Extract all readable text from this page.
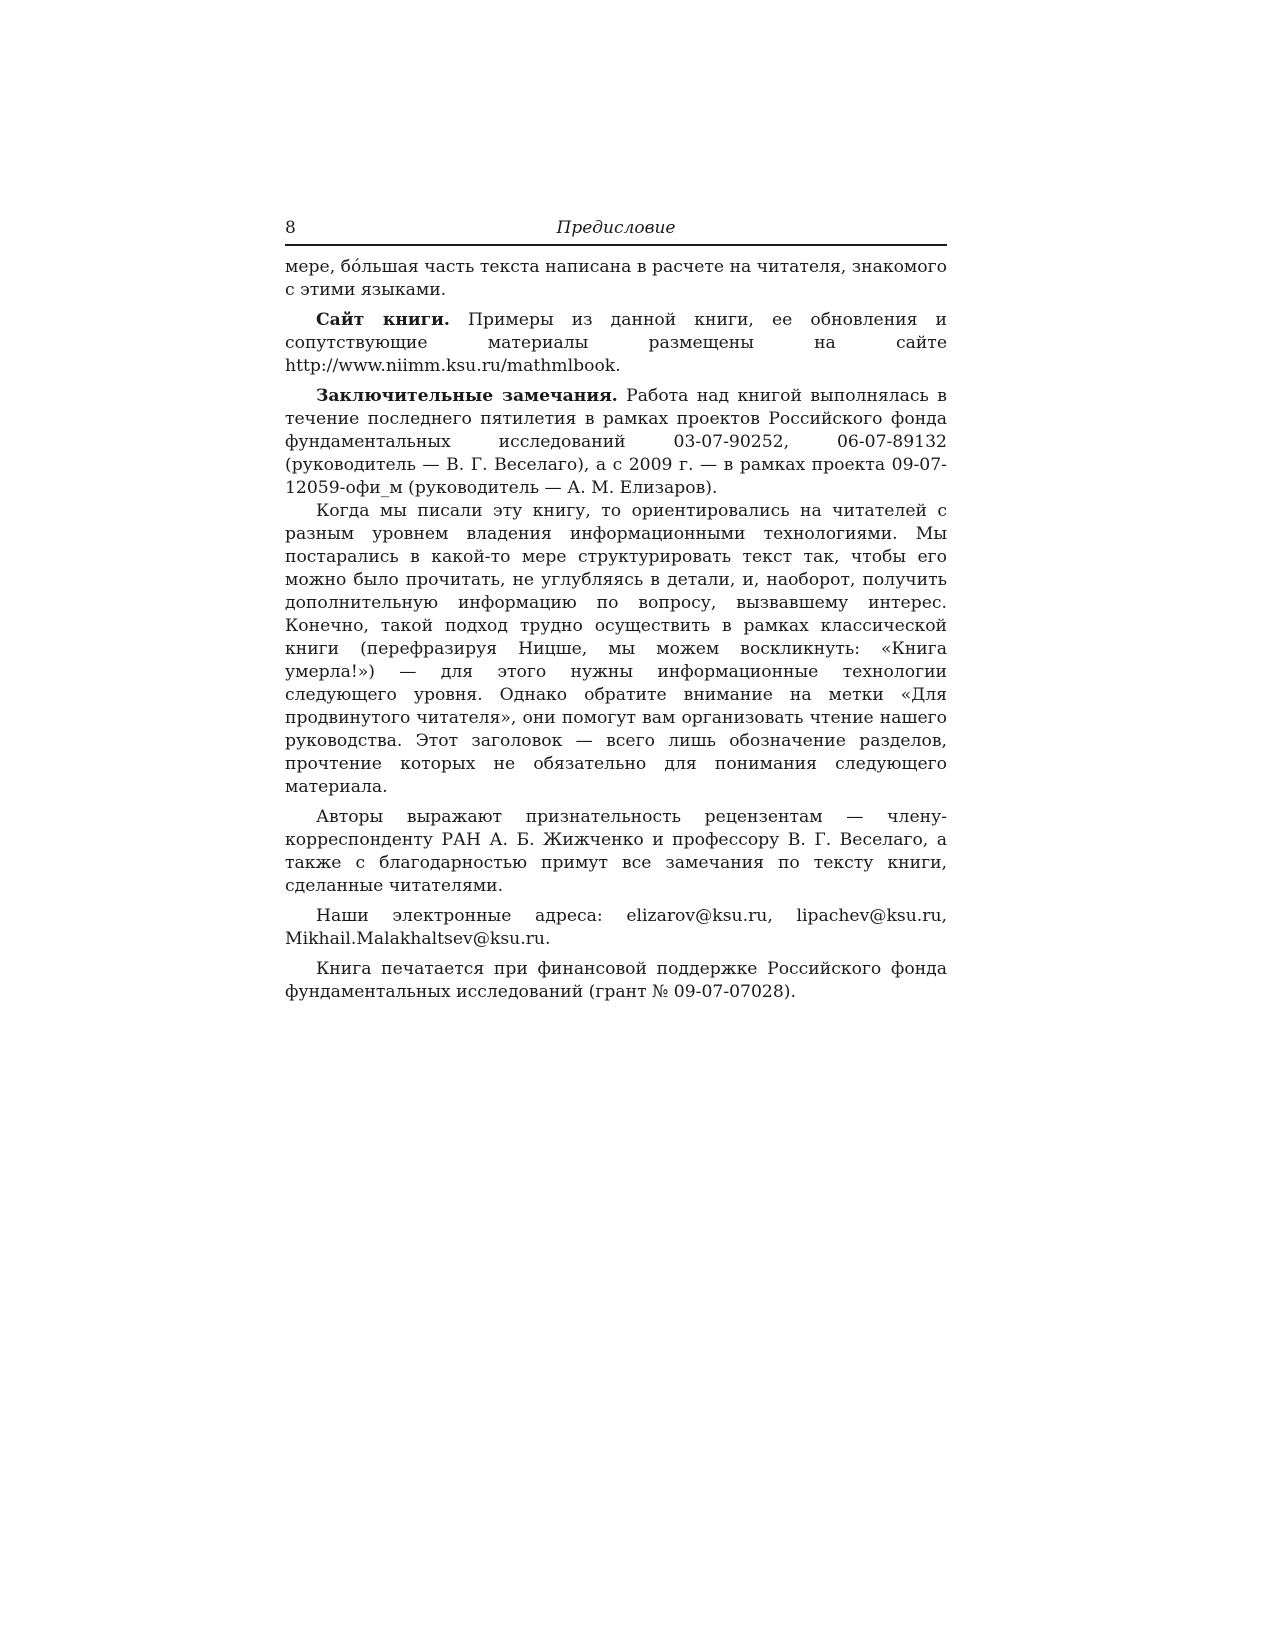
8	Предисловие

мере, бóльшая часть текста написана в расчете на читателя, знакомого с этими языками.

Сайт книги. Примеры из данной книги, ее обновления и сопутствующие материалы размещены на сайте http://www.niimm.ksu.ru/mathmlbook.

Заключительные замечания. Работа над книгой выполнялась в течение последнего пятилетия в рамках проектов Российского фонда фундаментальных исследований 03-07-90252, 06-07-89132 (руководитель — В. Г. Веселаго), а с 2009 г. — в рамках проекта 09-07-12059-офи_м (руководитель — А. М. Елизаров).

Когда мы писали эту книгу, то ориентировались на читателей с разным уровнем владения информационными технологиями. Мы постарались в какой-то мере структурировать текст так, чтобы его можно было прочитать, не углубляясь в детали, и, наоборот, получить дополнительную информацию по вопросу, вызвавшему интерес. Конечно, такой подход трудно осуществить в рамках классической книги (перефразируя Ницше, мы можем воскликнуть: «Книга умерла!») — для этого нужны информационные технологии следующего уровня. Однако обратите внимание на метки «Для продвинутого читателя», они помогут вам организовать чтение нашего руководства. Этот заголовок — всего лишь обозначение разделов, прочтение которых не обязательно для понимания следующего материала.

Авторы выражают признательность рецензентам — члену-корреспонденту РАН А. Б. Жижченко и профессору В. Г. Веселаго, а также с благодарностью примут все замечания по тексту книги, сделанные читателями.

Наши электронные адреса: elizarov@ksu.ru, lipachev@ksu.ru, Mikhail.Malakhaltsev@ksu.ru.

Книга печатается при финансовой поддержке Российского фонда фундаментальных исследований (грант № 09-07-07028).
